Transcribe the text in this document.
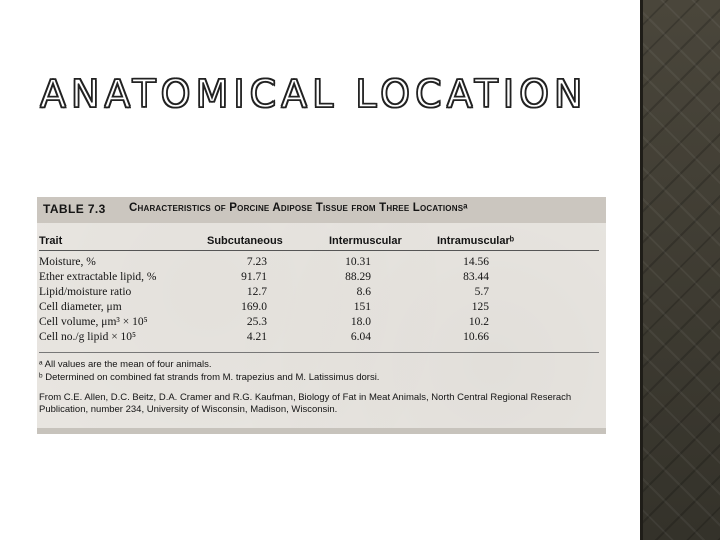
ANATOMICAL LOCATION
TABLE 7.3 Characteristics of Porcine Adipose Tissue from Three Locationsᵃ
Trait	Subcutaneous	Intermuscular	Intramuscularᵇ
Moisture, %	7.23	10.31	14.56
Ether extractable lipid, %	91.71	88.29	83.44
Lipid/moisture ratio	12.7	8.6	5.7
Cell diameter, μm	169.0	151	125
Cell volume, μm³ × 10⁵	25.3	18.0	10.2
Cell no./g lipid × 10⁵	4.21	6.04	10.66
ᵃ All values are the mean of four animals.
ᵇ Determined on combined fat strands from M. trapezius and M. Latissimus dorsi.
From C.E. Allen, D.C. Beitz, D.A. Cramer and R.G. Kaufman, Biology of Fat in Meat Animals, North Central Regional Reserach Publication, number 234, University of Wisconsin, Madison, Wisconsin.
